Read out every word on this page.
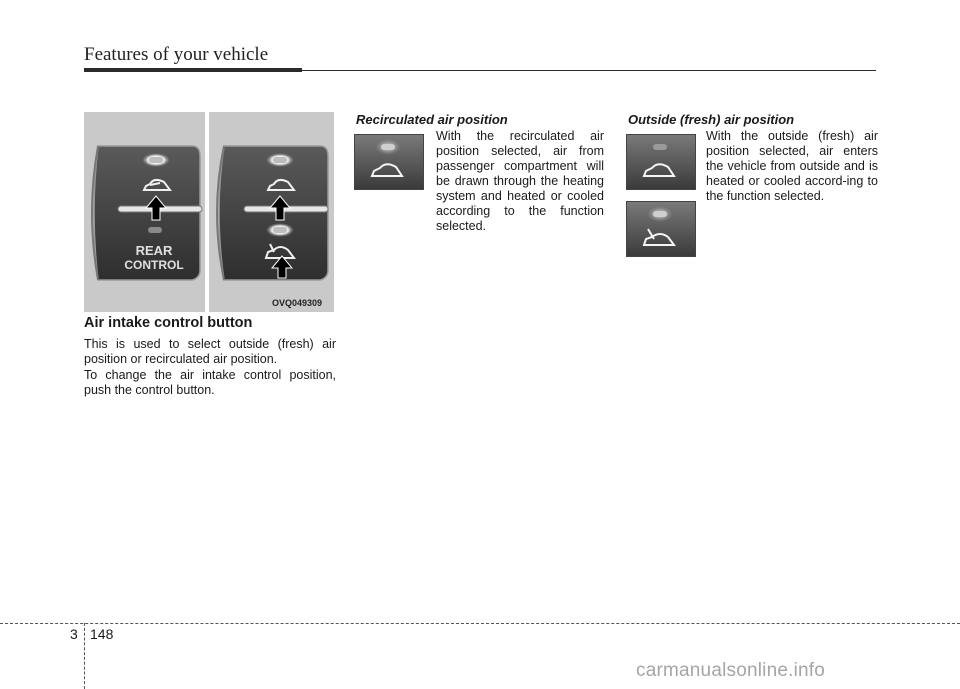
Features of your vehicle
REAR
CONTROL
OVQ049309
Air intake control button
This is used to select outside (fresh) air position or recirculated air position.
To change the air intake control position, push the control button.
Recirculated air position
With the recirculated air position selected, air from passenger compartment will be drawn through the heating system and heated or cooled according to the function selected.
Outside (fresh) air position
With the outside (fresh) air position selected, air enters the vehicle from outside and is heated or cooled accord-ing to the function selected.
3 148
carmanualsonline.info
